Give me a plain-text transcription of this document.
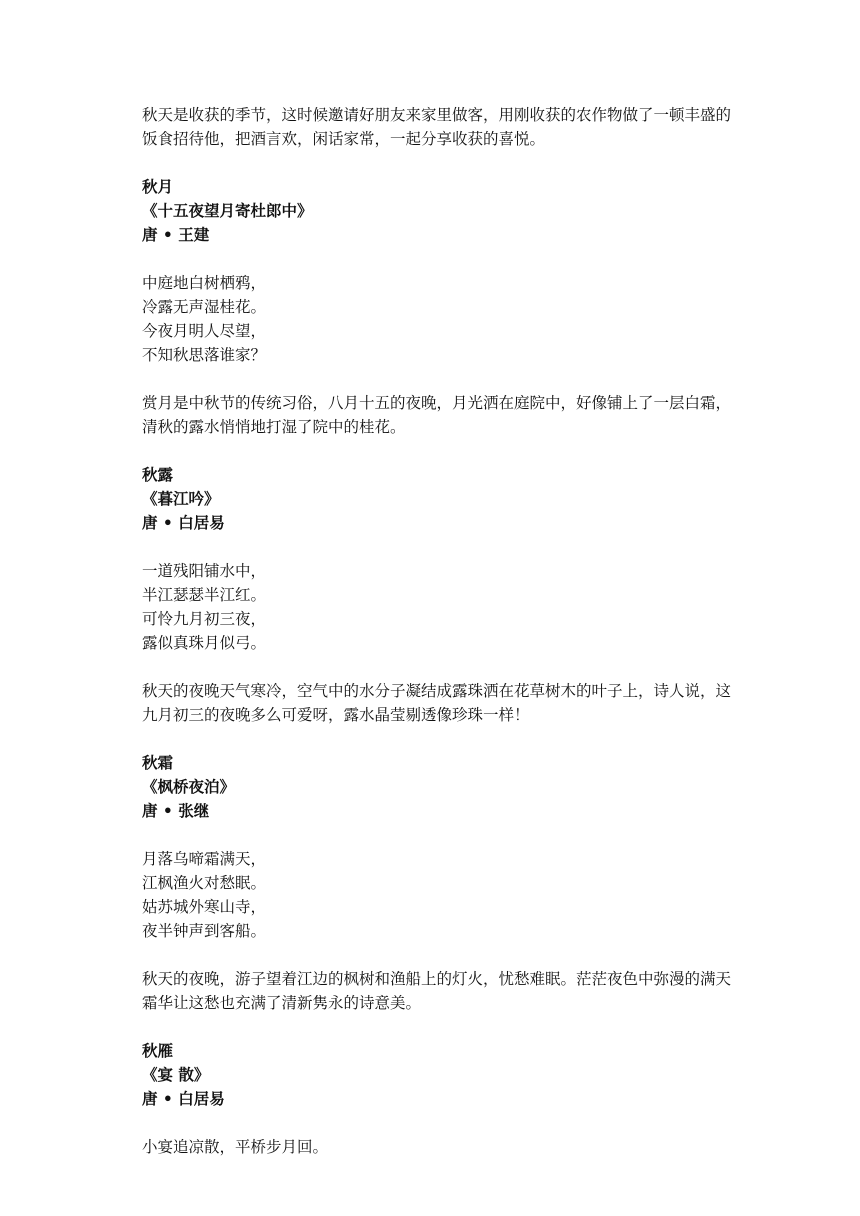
秋天是收获的季节，这时候邀请好朋友来家里做客，用刚收获的农作物做了一顿丰盛的饭食招待他，把酒言欢，闲话家常，一起分享收获的喜悦。

秋月
《十五夜望月寄杜郎中》
唐 • 王建
中庭地白树栖鸦，
冷露无声湿桂花。
今夜月明人尽望，
不知秋思落谁家？

赏月是中秋节的传统习俗，八月十五的夜晚，月光洒在庭院中，好像铺上了一层白霜，清秋的露水悄悄地打湿了院中的桂花。

秋露
《暮江吟》
唐 • 白居易
一道残阳铺水中，
半江瑟瑟半江红。
可怜九月初三夜，
露似真珠月似弓。

秋天的夜晚天气寒冷，空气中的水分子凝结成露珠洒在花草树木的叶子上，诗人说，这九月初三的夜晚多么可爱呀，露水晶莹剔透像珍珠一样！

秋霜
《枫桥夜泊》
唐 • 张继
月落乌啼霜满天，
江枫渔火对愁眠。
姑苏城外寒山寺，
夜半钟声到客船。

秋天的夜晚，游子望着江边的枫树和渔船上的灯火，忧愁难眠。茫茫夜色中弥漫的满天霜华让这愁也充满了清新隽永的诗意美。

秋雁
《宴 散》
唐 • 白居易
小宴追凉散，平桥步月回。
